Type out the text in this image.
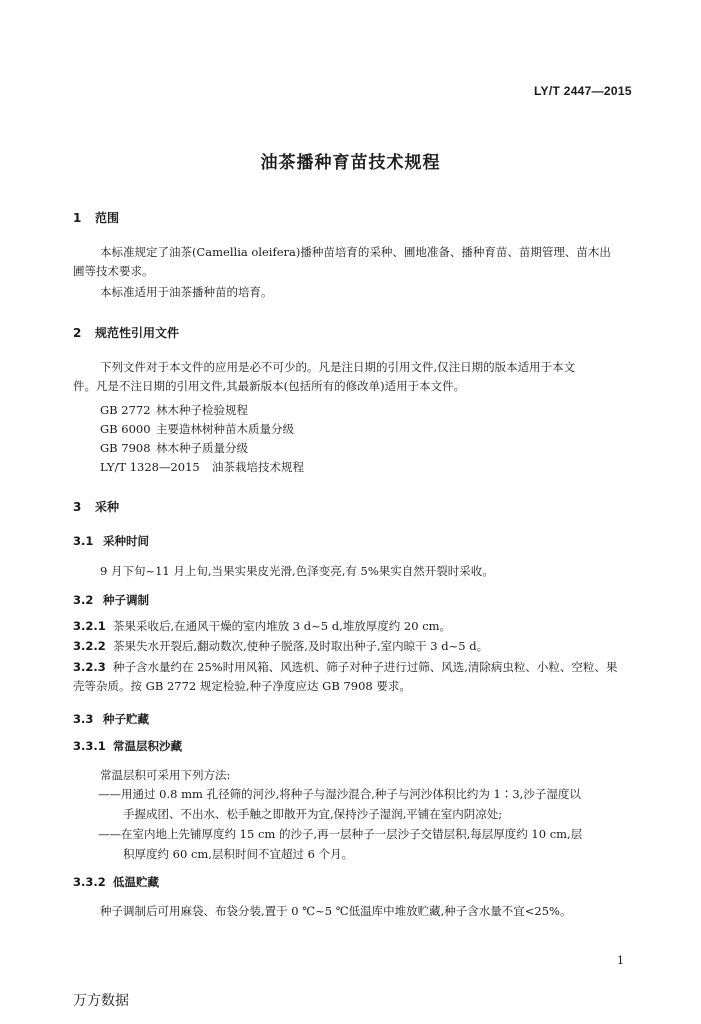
LY/T 2447—2015
油茶播种育苗技术规程
1 范围
本标准规定了油茶(Camellia oleifera)播种苗培育的采种、圃地准备、播种育苗、苗期管理、苗木出
圃等技术要求。
本标准适用于油茶播种苗的培育。
2 规范性引用文件
下列文件对于本文件的应用是必不可少的。凡是注日期的引用文件,仅注日期的版本适用于本文
件。凡是不注日期的引用文件,其最新版本(包括所有的修改单)适用于本文件。
GB 2772 林木种子检验规程
GB 6000 主要造林树种苗木质量分级
GB 7908 林木种子质量分级
LY/T 1328—2015 油茶栽培技术规程
3 采种
3.1 采种时间
9 月下旬~11 月上旬,当果实果皮光滑,色泽变亮,有 5%果实自然开裂时采收。
3.2 种子调制
3.2.1 茶果采收后,在通风干燥的室内堆放 3 d~5 d,堆放厚度约 20 cm。
3.2.2 茶果失水开裂后,翻动数次,使种子脱落,及时取出种子,室内晾干 3 d~5 d。
3.2.3 种子含水量约在 25%时用风箱、风选机、筛子对种子进行过筛、风选,清除病虫粒、小粒、空粒、果
壳等杂质。按 GB 2772 规定检验,种子净度应达 GB 7908 要求。
3.3 种子贮藏
3.3.1 常温层积沙藏
常温层积可采用下列方法:
——用通过 0.8 mm 孔径筛的河沙,将种子与湿沙混合,种子与河沙体积比约为 1∶3,沙子湿度以
手握成团、不出水、松手触之即散开为宜,保持沙子湿润,平铺在室内阴凉处;
——在室内地上先铺厚度约 15 cm 的沙子,再一层种子一层沙子交错层积,每层厚度约 10 cm,层
积厚度约 60 cm,层积时间不宜超过 6 个月。
3.3.2 低温贮藏
种子调制后可用麻袋、布袋分装,置于 0 ℃~5 ℃低温库中堆放贮藏,种子含水量不宜<25%。
1
万方数据
